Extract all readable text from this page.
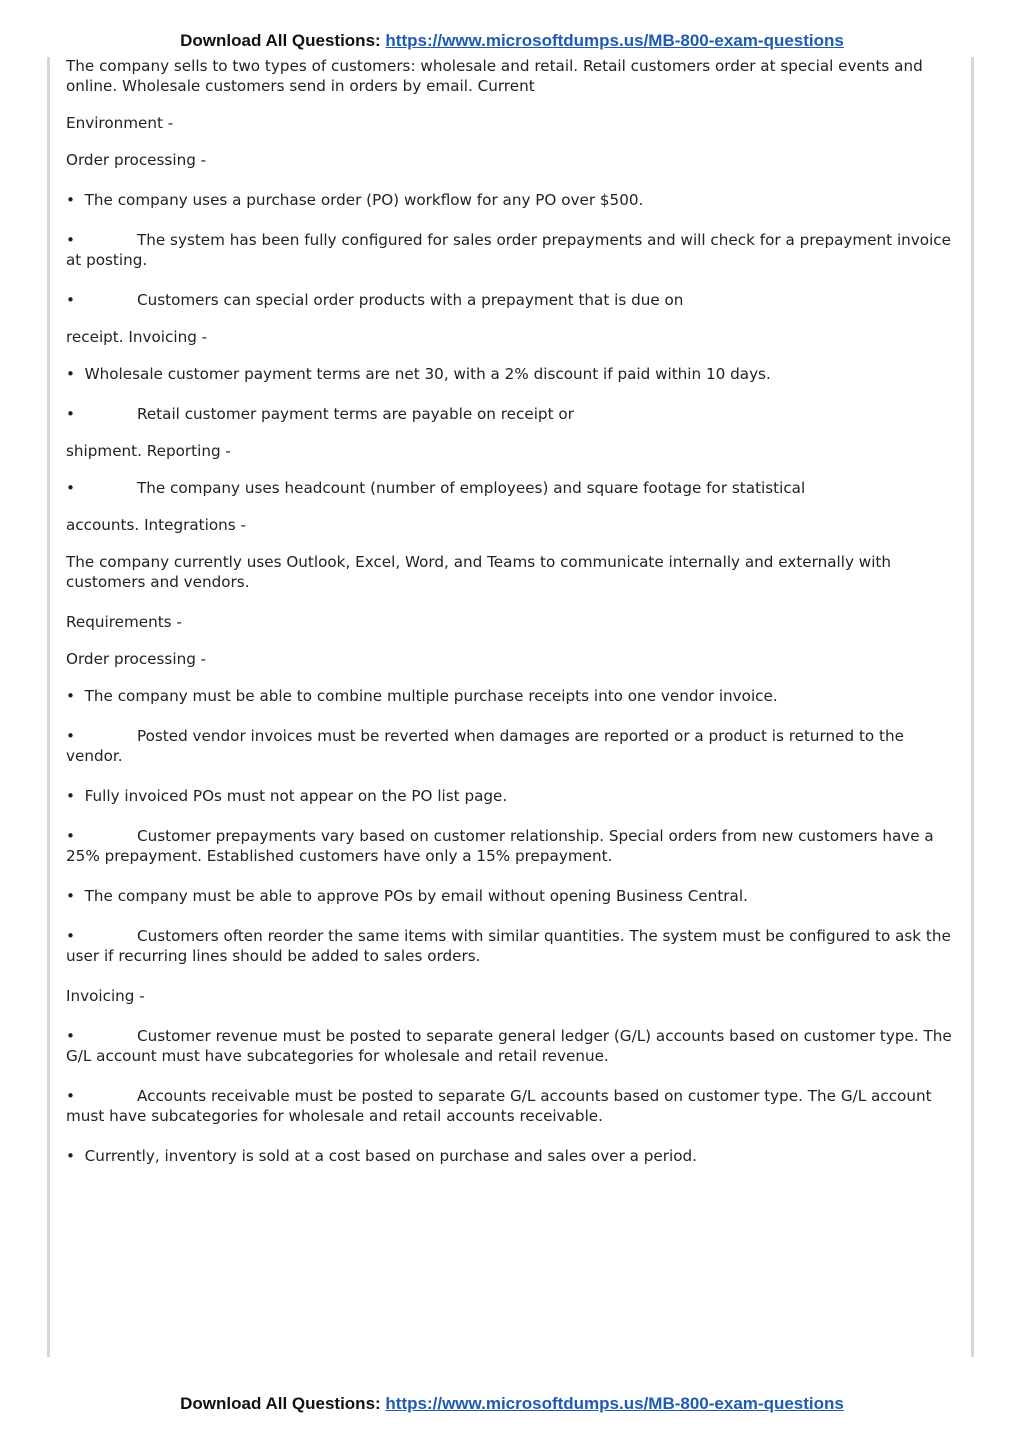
Download All Questions: https://www.microsoftdumps.us/MB-800-exam-questions

The company sells to two types of customers: wholesale and retail. Retail customers order at special events and online. Wholesale customers send in orders by email. Current

Environment -

Order processing -

• The company uses a purchase order (PO) workflow for any PO over $500.

•	The system has been fully configured for sales order prepayments and will check for a prepayment invoice at posting.

•	Customers can special order products with a prepayment that is due on

receipt. Invoicing -

• Wholesale customer payment terms are net 30, with a 2% discount if paid within 10 days.

•	Retail customer payment terms are payable on receipt or

shipment. Reporting -

•	The company uses headcount (number of employees) and square footage for statistical

accounts. Integrations -

The company currently uses Outlook, Excel, Word, and Teams to communicate internally and externally with customers and vendors.

Requirements -

Order processing -

• The company must be able to combine multiple purchase receipts into one vendor invoice.

•	Posted vendor invoices must be reverted when damages are reported or a product is returned to the vendor.

• Fully invoiced POs must not appear on the PO list page.

•	Customer prepayments vary based on customer relationship. Special orders from new customers have a 25% prepayment. Established customers have only a 15% prepayment.

• The company must be able to approve POs by email without opening Business Central.

•	Customers often reorder the same items with similar quantities. The system must be configured to ask the user if recurring lines should be added to sales orders.

Invoicing -

•	Customer revenue must be posted to separate general ledger (G/L) accounts based on customer type. The G/L account must have subcategories for wholesale and retail revenue.

•	Accounts receivable must be posted to separate G/L accounts based on customer type. The G/L account must have subcategories for wholesale and retail accounts receivable.

• Currently, inventory is sold at a cost based on purchase and sales over a period.

Download All Questions: https://www.microsoftdumps.us/MB-800-exam-questions
